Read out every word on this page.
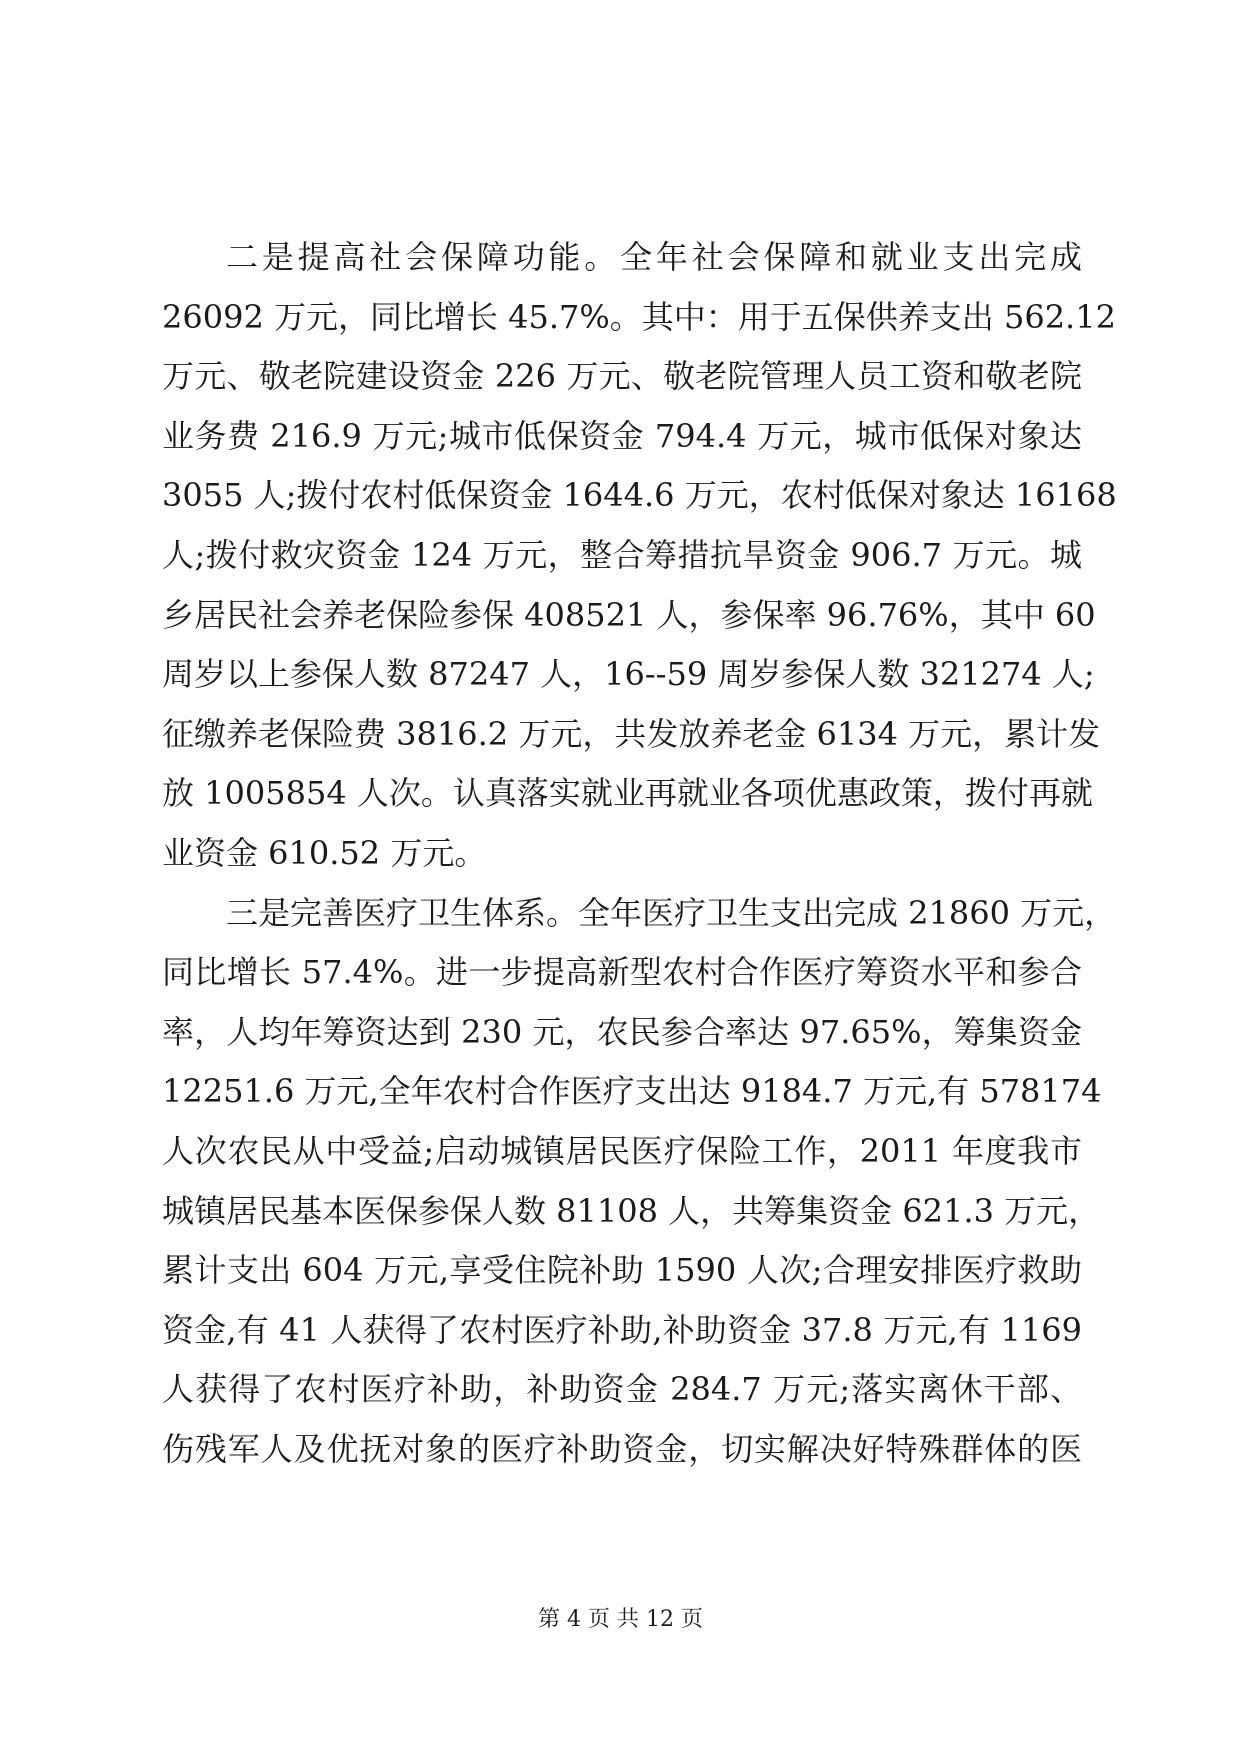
二是提高社会保障功能。全年社会保障和就业支出完成
26092 万元，同比增长 45.7%。其中：用于五保供养支出 562.12
万元、敬老院建设资金 226 万元、敬老院管理人员工资和敬老院
业务费 216.9 万元;城市低保资金 794.4 万元，城市低保对象达
3055 人;拨付农村低保资金 1644.6 万元，农村低保对象达 16168
人;拨付救灾资金 124 万元，整合筹措抗旱资金 906.7 万元。城
乡居民社会养老保险参保 408521 人，参保率 96.76%，其中 60
周岁以上参保人数 87247 人，16--59 周岁参保人数 321274 人;
征缴养老保险费 3816.2 万元，共发放养老金 6134 万元，累计发
放 1005854 人次。认真落实就业再就业各项优惠政策，拨付再就
业资金 610.52 万元。
三是完善医疗卫生体系。全年医疗卫生支出完成 21860 万元，
同比增长 57.4%。进一步提高新型农村合作医疗筹资水平和参合
率，人均年筹资达到 230 元，农民参合率达 97.65%，筹集资金
12251.6 万元,全年农村合作医疗支出达 9184.7 万元,有 578174
人次农民从中受益;启动城镇居民医疗保险工作，2011 年度我市
城镇居民基本医保参保人数 81108 人，共筹集资金 621.3 万元，
累计支出 604 万元,享受住院补助 1590 人次;合理安排医疗救助
资金,有 41 人获得了农村医疗补助,补助资金 37.8 万元,有 1169
人获得了农村医疗补助，补助资金 284.7 万元;落实离休干部、
伤残军人及优抚对象的医疗补助资金，切实解决好特殊群体的医
第 4 页 共 12 页
